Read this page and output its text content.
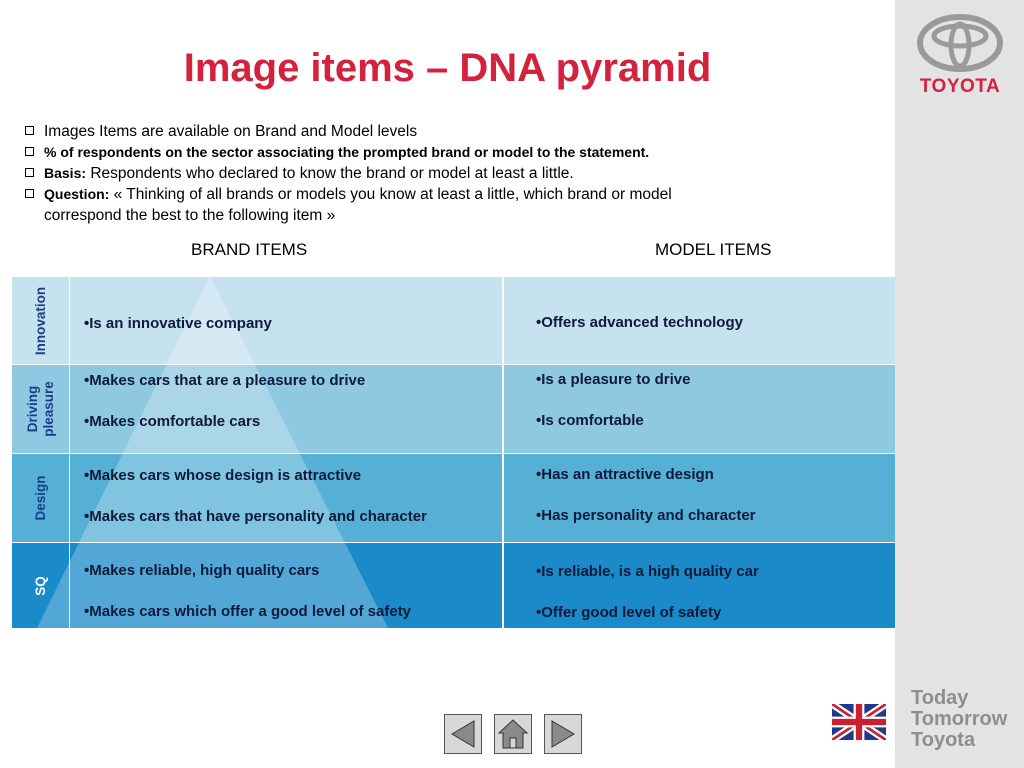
Image items – DNA pyramid
Images Items are available on Brand and Model levels
% of respondents on the sector associating the prompted brand or model to the statement.
Basis: Respondents who declared to know the brand or model at least a little.
Question: « Thinking of all brands or models you know at least a little, which brand or model
correspond the best to the following item »
BRAND ITEMS	MODEL ITEMS
Innovation
Driving
pleasure
Design
SQ
•Is an innovative company	•Offers advanced technology
•Makes cars that are a pleasure to drive
•Makes comfortable cars
•Is a pleasure to drive
•Is comfortable
•Makes cars whose design is attractive
•Makes cars that have personality and character
•Has an attractive design
•Has personality and character
•Makes reliable, high quality cars
•Makes cars which offer a good level of safety
•Is reliable, is a high quality car
•Offer good level of safety
TOYOTA
Today
Tomorrow
Toyota
